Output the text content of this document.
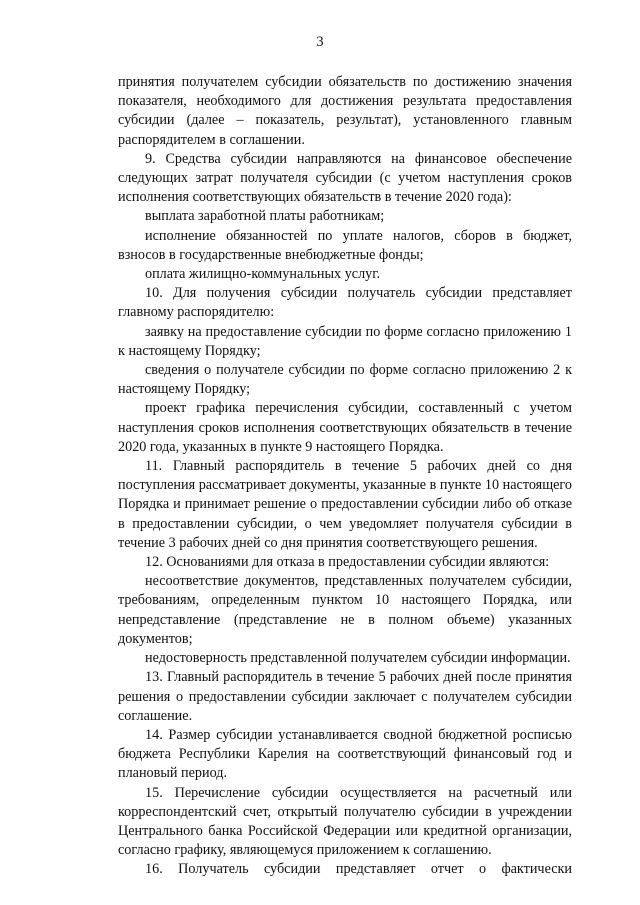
3

принятия получателем субсидии обязательств по достижению значения показателя, необходимого для достижения результата предоставления субсидии (далее – показатель, результат), установленного главным распорядителем в соглашении.

9. Средства субсидии направляются на финансовое обеспечение следующих затрат получателя субсидии (с учетом наступления сроков исполнения соответствующих обязательств в течение 2020 года):

выплата заработной платы работникам;

исполнение обязанностей по уплате налогов, сборов в бюджет, взносов в государственные внебюджетные фонды;

оплата жилищно-коммунальных услуг.

10. Для получения субсидии получатель субсидии представляет главному распорядителю:

заявку на предоставление субсидии по форме согласно приложению 1 к настоящему Порядку;

сведения о получателе субсидии по форме согласно приложению 2 к настоящему Порядку;

проект графика перечисления субсидии, составленный с учетом наступления сроков исполнения соответствующих обязательств в течение 2020 года, указанных в пункте 9 настоящего Порядка.

11. Главный распорядитель в течение 5 рабочих дней со дня поступления рассматривает документы, указанные в пункте 10 настоящего Порядка и принимает решение о предоставлении субсидии либо об отказе в предоставлении субсидии, о чем уведомляет получателя субсидии в течение 3 рабочих дней со дня принятия соответствующего решения.

12. Основаниями для отказа в предоставлении субсидии являются:

несоответствие документов, представленных получателем субсидии, требованиям, определенным пунктом 10 настоящего Порядка, или непредставление (представление не в полном объеме) указанных документов;

недостоверность представленной получателем субсидии информации.

13. Главный распорядитель в течение 5 рабочих дней после принятия решения о предоставлении субсидии заключает с получателем субсидии соглашение.

14. Размер субсидии устанавливается сводной бюджетной росписью бюджета Республики Карелия на соответствующий финансовый год и плановый период.

15. Перечисление субсидии осуществляется на расчетный или корреспондентский счет, открытый получателю субсидии в учреждении Центрального банка Российской Федерации или кредитной организации, согласно графику, являющемуся приложением к соглашению.

16. Получатель субсидии представляет отчет о фактически
